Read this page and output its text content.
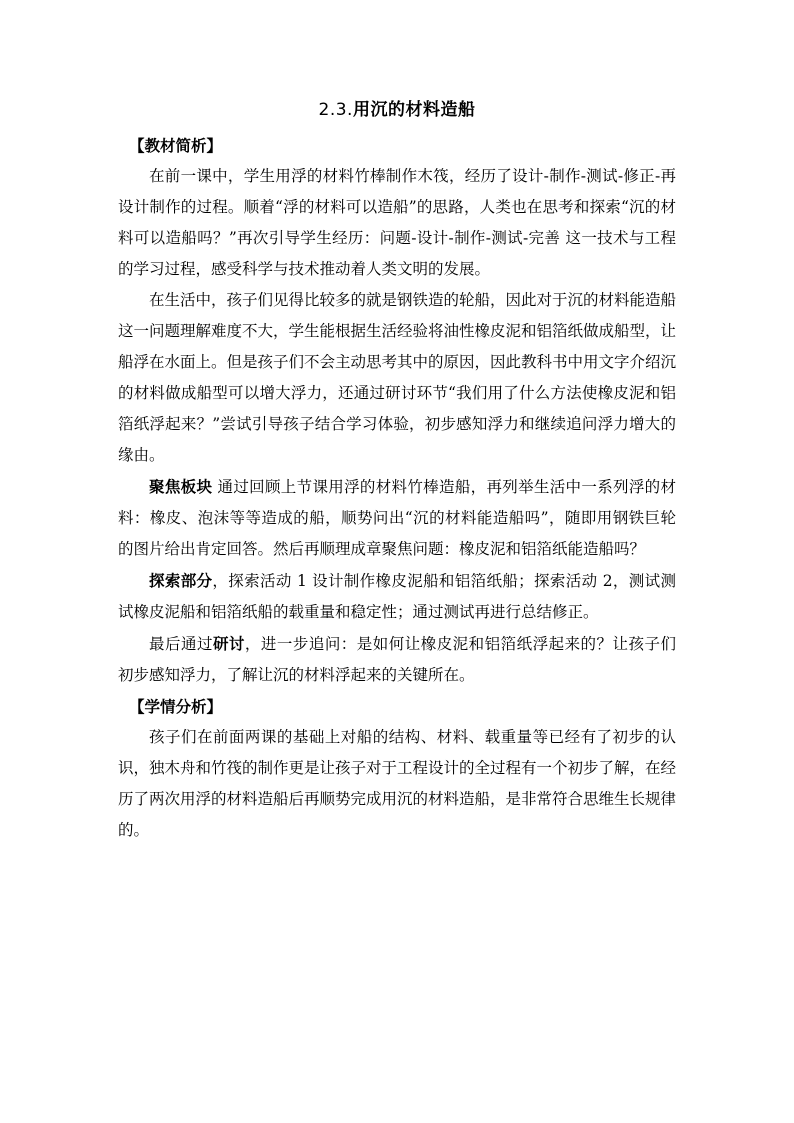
2.3.用沉的材料造船

【教材简析】

在前一课中，学生用浮的材料竹棒制作木筏，经历了设计-制作-测试-修正-再设计制作的过程。顺着“浮的材料可以造船”的思路，人类也在思考和探索“沉的材料可以造船吗？”再次引导学生经历：问题-设计-制作-测试-完善 这一技术与工程的学习过程，感受科学与技术推动着人类文明的发展。

在生活中，孩子们见得比较多的就是钢铁造的轮船，因此对于沉的材料能造船这一问题理解难度不大，学生能根据生活经验将油性橡皮泥和铝箔纸做成船型，让船浮在水面上。但是孩子们不会主动思考其中的原因，因此教科书中用文字介绍沉的材料做成船型可以增大浮力，还通过研讨环节“我们用了什么方法使橡皮泥和铝箔纸浮起来？”尝试引导孩子结合学习体验，初步感知浮力和继续追问浮力增大的缘由。

聚焦板块 通过回顾上节课用浮的材料竹棒造船，再列举生活中一系列浮的材料：橡皮、泡沫等等造成的船，顺势问出“沉的材料能造船吗”，随即用钢铁巨轮的图片给出肯定回答。然后再顺理成章聚焦问题：橡皮泥和铝箔纸能造船吗？

探索部分，探索活动 1 设计制作橡皮泥船和铝箔纸船；探索活动 2，测试测试橡皮泥船和铝箔纸船的载重量和稳定性；通过测试再进行总结修正。

最后通过研讨，进一步追问：是如何让橡皮泥和铝箔纸浮起来的？让孩子们初步感知浮力，了解让沉的材料浮起来的关键所在。

【学情分析】

孩子们在前面两课的基础上对船的结构、材料、载重量等已经有了初步的认识，独木舟和竹筏的制作更是让孩子对于工程设计的全过程有一个初步了解，在经历了两次用浮的材料造船后再顺势完成用沉的材料造船，是非常符合思维生长规律的。
